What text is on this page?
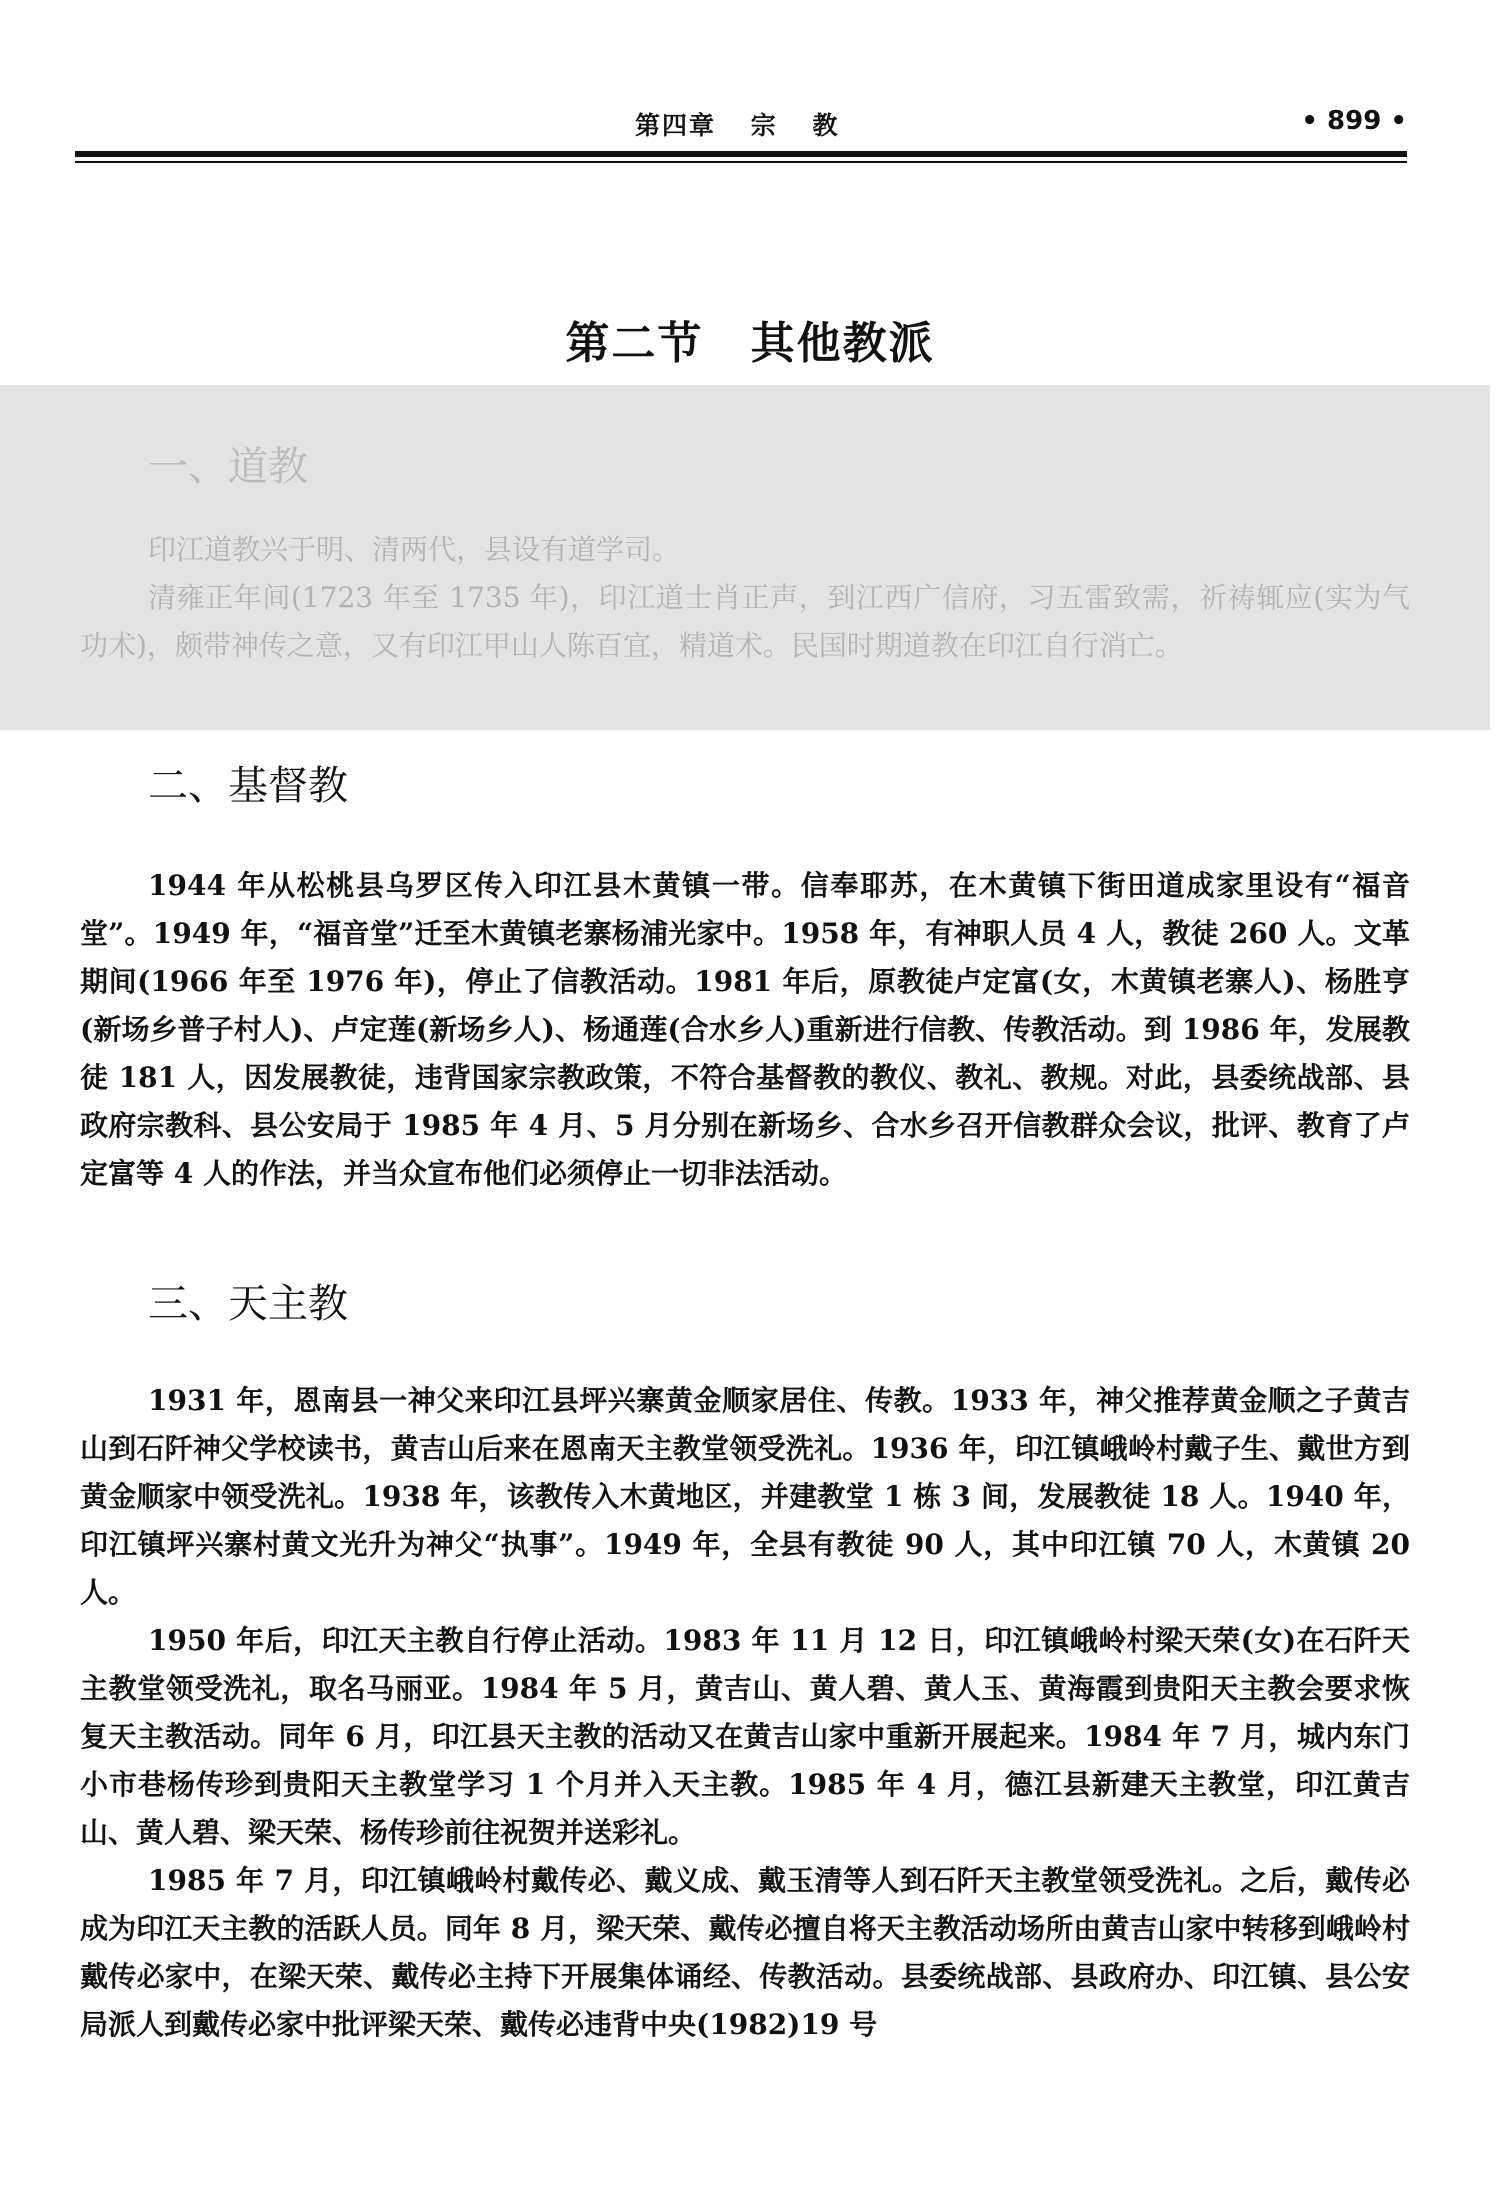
第四章 宗 教	• 899 •
第二节 其他教派
一、道教

印江道教兴于明、清两代，县设有道学司。

清雍正年间(1723 年至 1735 年)，印江道士肖正声，到江西广信府，习五雷致需，祈祷辄应(实为气功术)，颇带神传之意，又有印江甲山人陈百宜，精道术。民国时期道教在印江自行消亡。

二、基督教

1944 年从松桃县乌罗区传入印江县木黄镇一带。信奉耶苏，在木黄镇下街田道成家里设有“福音堂”。1949 年，“福音堂”迁至木黄镇老寨杨浦光家中。1958 年，有神职人员 4 人，教徒 260 人。文革期间(1966 年至 1976 年)，停止了信教活动。1981 年后，原教徒卢定富(女，木黄镇老寨人)、杨胜亨(新场乡普子村人)、卢定莲(新场乡人)、杨通莲(合水乡人)重新进行信教、传教活动。到 1986 年，发展教徒 181 人，因发展教徒，违背国家宗教政策，不符合基督教的教仪、教礼、教规。对此，县委统战部、县政府宗教科、县公安局于 1985 年 4 月、5 月分别在新场乡、合水乡召开信教群众会议，批评、教育了卢定富等 4 人的作法，并当众宣布他们必须停止一切非法活动。

三、天主教

1931 年，恩南县一神父来印江县坪兴寨黄金顺家居住、传教。1933 年，神父推荐黄金顺之子黄吉山到石阡神父学校读书，黄吉山后来在恩南天主教堂领受洗礼。1936 年，印江镇峨岭村戴子生、戴世方到黄金顺家中领受洗礼。1938 年，该教传入木黄地区，并建教堂 1 栋 3 间，发展教徒 18 人。1940 年，印江镇坪兴寨村黄文光升为神父“执事”。1949 年，全县有教徒 90 人，其中印江镇 70 人，木黄镇 20 人。

1950 年后，印江天主教自行停止活动。1983 年 11 月 12 日，印江镇峨岭村梁天荣(女)在石阡天主教堂领受洗礼，取名马丽亚。1984 年 5 月，黄吉山、黄人碧、黄人玉、黄海霞到贵阳天主教会要求恢复天主教活动。同年 6 月，印江县天主教的活动又在黄吉山家中重新开展起来。1984 年 7 月，城内东门小市巷杨传珍到贵阳天主教堂学习 1 个月并入天主教。1985 年 4 月，德江县新建天主教堂，印江黄吉山、黄人碧、梁天荣、杨传珍前往祝贺并送彩礼。

1985 年 7 月，印江镇峨岭村戴传必、戴义成、戴玉清等人到石阡天主教堂领受洗礼。之后，戴传必成为印江天主教的活跃人员。同年 8 月，梁天荣、戴传必擅自将天主教活动场所由黄吉山家中转移到峨岭村戴传必家中，在梁天荣、戴传必主持下开展集体诵经、传教活动。县委统战部、县政府办、印江镇、县公安局派人到戴传必家中批评梁天荣、戴传必违背中央(1982)19 号
